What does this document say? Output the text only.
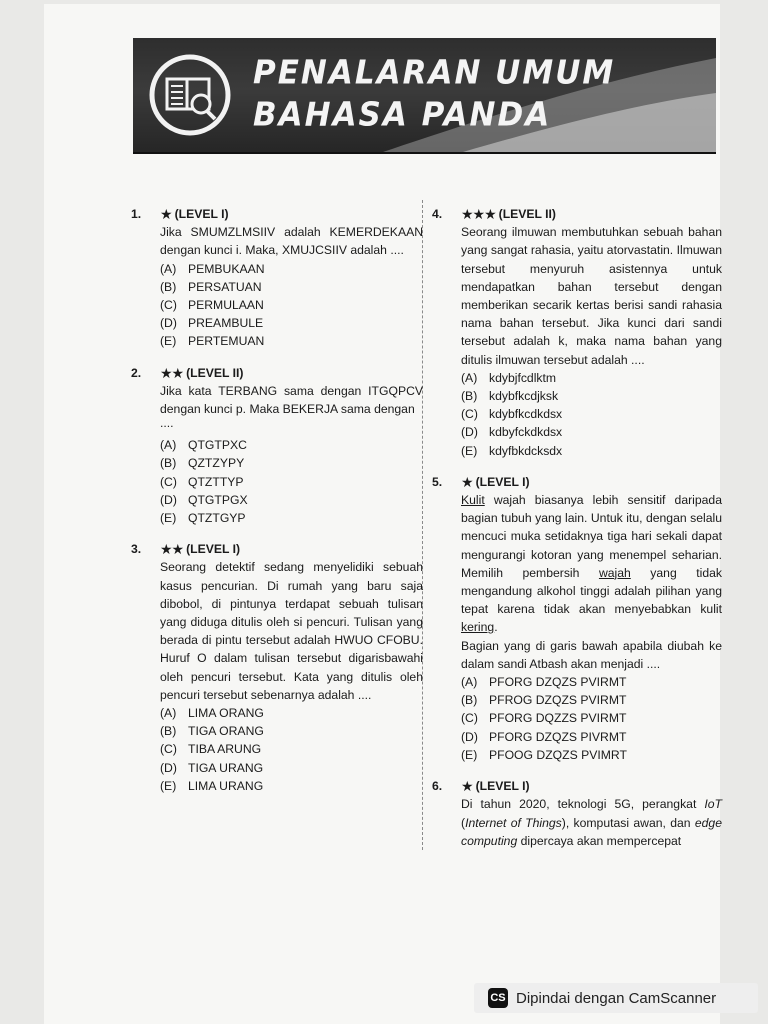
PENALARAN UMUM
BAHASA PANDA
1. ★ (LEVEL I)
Jika SMUMZLMSIIV adalah KEMERDEKAAN dengan kunci i. Maka, XMUJCSIIV adalah ....
(A) PEMBUKAAN
(B) PERSATUAN
(C) PERMULAAN
(D) PREAMBULE
(E) PERTEMUAN
2. ★★ (LEVEL II)
Jika kata TERBANG sama dengan ITGQPCV dengan kunci p. Maka BEKERJA sama dengan
....
(A) QTGTPXC
(B) QZTZYPY
(C) QTZTTYP
(D) QTGTPGX
(E) QTZTGYP
3. ★★ (LEVEL I)
Seorang detektif sedang menyelidiki sebuah kasus pencurian. Di rumah yang baru saja dibobol, di pintunya terdapat sebuah tulisan yang diduga ditulis oleh si pencuri. Tulisan yang berada di pintu tersebut adalah HWUO CFOBU. Huruf O dalam tulisan tersebut digarisbawahi oleh pencuri tersebut. Kata yang ditulis oleh pencuri tersebut sebenarnya adalah ....
(A) LIMA ORANG
(B) TIGA ORANG
(C) TIBA ARUNG
(D) TIGA URANG
(E) LIMA URANG
4. ★★★ (LEVEL II)
Seorang ilmuwan membutuhkan sebuah bahan yang sangat rahasia, yaitu atorvastatin. Ilmuwan tersebut menyuruh asistennya untuk mendapatkan bahan tersebut dengan memberikan secarik kertas berisi sandi rahasia nama bahan tersebut. Jika kunci dari sandi tersebut adalah k, maka nama bahan yang ditulis ilmuwan tersebut adalah ....
(A) kdybjfcdlktm
(B) kdybfkcdjksk
(C) kdybfkcdkdsx
(D) kdbyfckdkdsx
(E) kdyfbkdcksdx
5. ★ (LEVEL I)
Kulit wajah biasanya lebih sensitif daripada bagian tubuh yang lain. Untuk itu, dengan selalu mencuci muka setidaknya tiga hari sekali dapat mengurangi kotoran yang menempel seharian. Memilih pembersih wajah yang tidak mengandung alkohol tinggi adalah pilihan yang tepat karena tidak akan menyebabkan kulit kering.
Bagian yang di garis bawah apabila diubah ke dalam sandi Atbash akan menjadi ....
(A) PFORG DZQZS PVIRMT
(B) PFROG DZQZS PVIRMT
(C) PFORG DQZZS PVIRMT
(D) PFORG DZQZS PIVRMT
(E) PFOOG DZQZS PVIMRT
6. ★ (LEVEL I)
Di tahun 2020, teknologi 5G, perangkat IoT (Internet of Things), komputasi awan, dan edge computing dipercaya akan mempercepat
CS Dipindai dengan CamScanner
